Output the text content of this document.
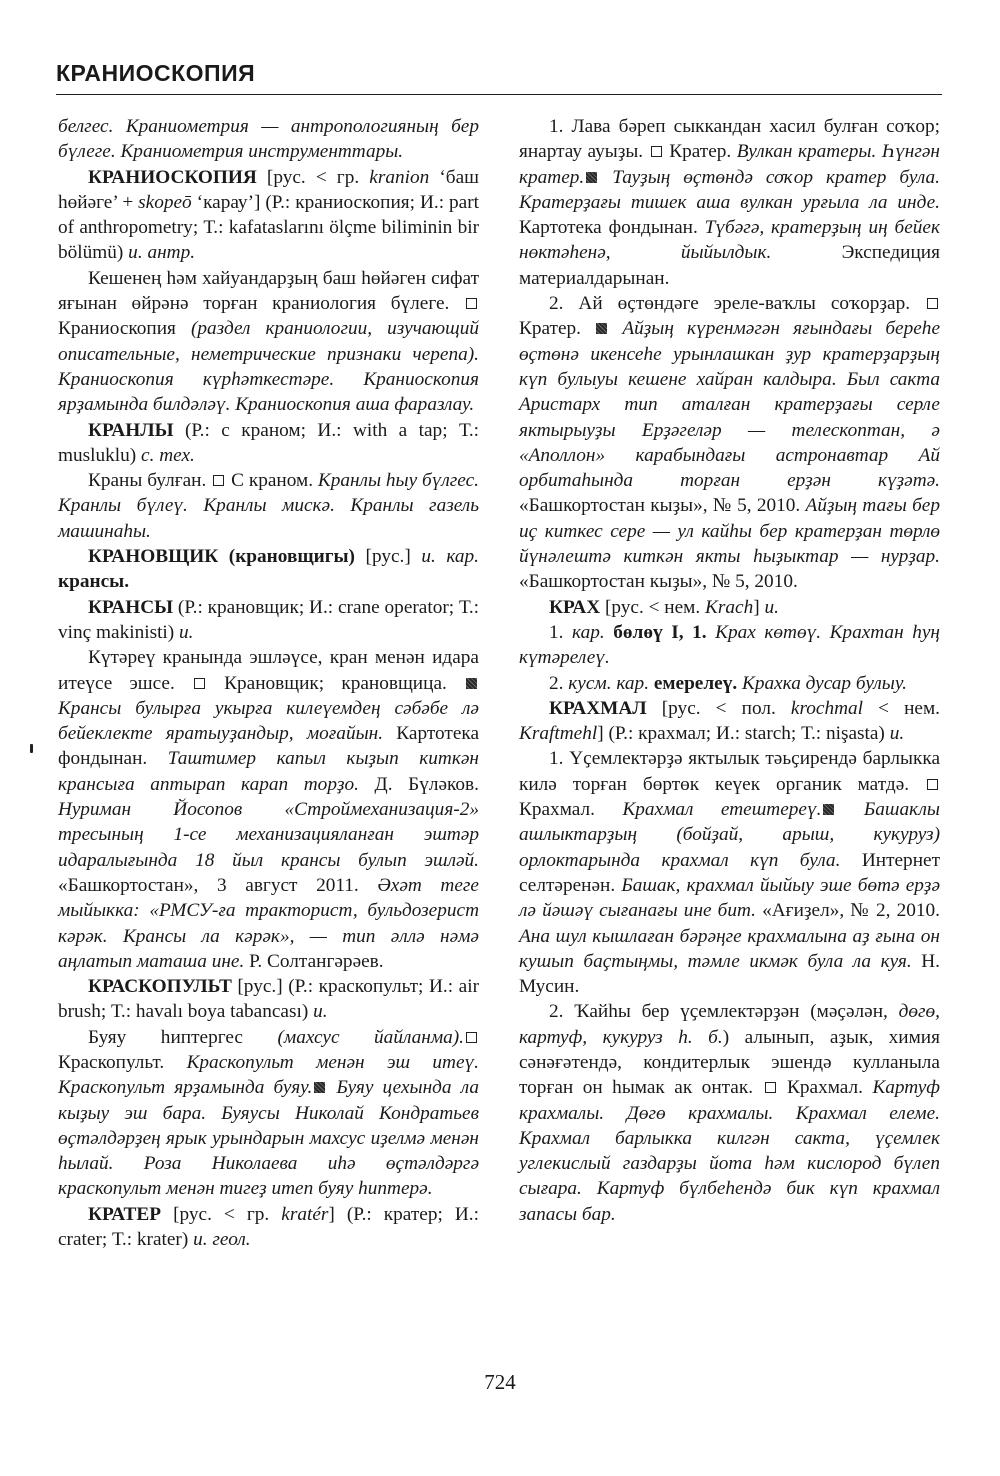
КРАНИОСКОПИЯ

белгес. Краниометрия — антропологияның бер бүлеге. Краниометрия инструменттары.

КРАНИОСКОПИЯ [рус. < гр. kranion ‘баш һөйәге’ + skopeō ‘карау’] (Р.: краниоскопия; И.: part of anthropometry; Т.: kafataslarını ölçme biliminin bir bölümü) и. антр.

Кешенең һәм хайуандарҙың баш һөйәген сифат яғынан өйрәнә торған краниология бүлеге.  Краниоскопия (раздел краниологии, изучающий описательные, неметрические признаки черепа). Краниоскопия күрһәткестәре. Краниоскопия ярҙамында билдәләү. Краниоскопия аша фаразлау.

КРАНЛЫ (Р.: с краном; И.: with a tap; Т.: musluklu) с. тех.

Краны булған.  С краном. Кранлы һыу бүлгес. Кранлы бүлеү. Кранлы мискә. Кранлы газель машинаһы.

КРАНОВЩИК (крановщигы) [рус.] и. кар. крансы.

КРАНСЫ (Р.: крановщик; И.: crane operator; Т.: vinç makinisti) и.

Күтәреү кранында эшләүсе, кран менән идара итеүсе эшсе.  Крановщик; крановщица.  Крансы булырға укырға килеүемдең сәбәбе лә бейеклекте яратыуҙандыр, моғайын. Картотека фондынан. Таштимер капыл кыҙып киткән крансыға аптырап карап торҙо. Д. Бүләков. Нуриман Йосопов «Строймеханизация-2» тресының 1-се механизацияланған эштәр идаралығында 18 йыл крансы булып эшләй. «Башкортостан», 3 август 2011. Әхәт теге мыйыкка: «РМСУ-ға тракторист, бульдозерист кәрәк. Крансы ла кәрәк», — тип әллә нәмә аңлатып маташа ине. Р. Солтангәрәев.

КРАСКОПУЛЬТ [рус.] (Р.: краскопульт; И.: air brush; Т.: havalı boya tabancası) и.

Буяу һиптергес (махсус йайланма). Краскопульт. Краскопульт менән эш итеү. Краскопульт ярҙамында буяу. Буяу цехында ла кыҙыу эш бара. Буяусы Николай Кондратьев өҫтәлдәрҙең ярык урындарын махсус иҙелмә менән һылай. Роза Николаева иһә өҫтәлдәргә краскопульт менән тигеҙ итеп буяу һиптерә.

КРАТЕР [рус. < гр. kratér] (Р.: кратер; И.: crater; Т.: krater) и. геол.

1. Лава бәреп сыккандан хасил булған соҡор; янартау ауыҙы.  Кратер. Вулкан кратеры. Һүнгән кратер. Тауҙың өҫтөндә соҡор кратер була. Кратерҙағы тишек аша вулкан урғыла ла инде. Картотека фондынан. Түбәгә, кратерҙың иң бейек нөктәһенә, йыйылдык. Экспедиция материалдарынан.

2. Ай өҫтөндәге эреле-ваҡлы соҡорҙар.  Кратер.  Айҙың күренмәгән яғындағы береһе өҫтөнә икенсеһе урынлашкан ҙур кратерҙарҙың күп булыуы кешене хайран калдыра. Был сакта Аристарх тип аталған кратерҙағы серле яктырыуҙы Ерҙәгеләр — телескоптан, ә «Аполлон» карабындағы астронавтар Ай орбитаһында торған ерҙән күҙәтә. «Башкортостан кыҙы», № 5, 2010. Айҙың тағы бер иҫ киткес сере — ул кайһы бер кратерҙан төрлө йүнәлештә киткән якты һыҙыктар — нурҙар. «Башкортостан кыҙы», № 5, 2010.

КРАХ [рус. < нем. Krach] и.

1. кар. бөлөү I, 1. Крах көтөү. Крахтан һуң күтәрелеү.

2. кусм. кар. емерелеү. Крахка дусар булыу.

КРАХМАЛ [рус. < пол. krochmal < нем. Kraftmehl] (Р.: крахмал; И.: starch; Т.: nişasta) и.

1. Үҫемлектәрҙә яктылык тәьҫирендә барлыкка килә торған бөртөк кеүек органик матдә.  Крахмал. Крахмал етештереү. Башаклы ашлыктарҙың (бойҙай, арыш, кукуруз) орлоктарында крахмал күп була. Интернет селтәренән. Башак, крахмал йыйыу эше бөтә ерҙә лә йәшәү сығанағы ине бит. «Ағиҙел», № 2, 2010. Ана шул кышлаған бәрәңге крахмалына аҙ ғына он кушып баҫтыңмы, тәмле икмәк була ла куя. Н. Мусин.

2. Ҡайһы бер үҫемлектәрҙән (мәҫәлән, дөгө, картуф, кукуруз һ. б.) алынып, аҙык, химия сәнәғәтендә, кондитерлык эшендә кулланыла торған он һымак ак онтак.  Крахмал. Картуф крахмалы. Дөгө крахмалы. Крахмал елеме. Крахмал барлыкка килгән сакта, үҫемлек углекислый газдарҙы йота һәм кислород бүлеп сығара. Картуф бүлбеһендә бик күп крахмал запасы бар.

724
